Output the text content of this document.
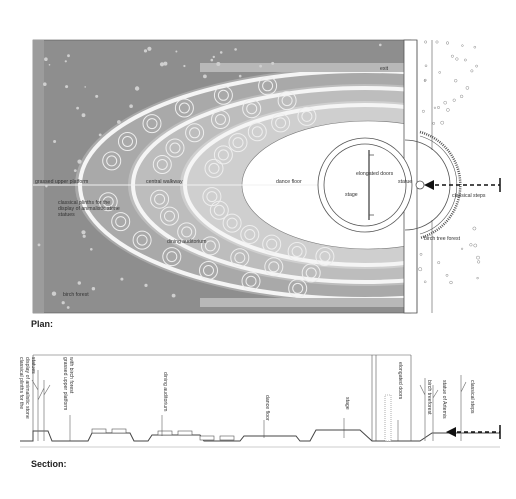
exit
grassed upper platform	central walkway	dance floor
elongated doors
stage
statue
classical steps
classical plinths for the display of animalistic stone statues
dining auditorium
birch forest
birch tree forest
Plan:
classical plinths for thedisplay of animalistic stonestatues	grassed upper platformwith birch forest	dining auditorium	dance floor	stage
elongated doors	birch treeforest statue of Artemis	classical steps
Section:
